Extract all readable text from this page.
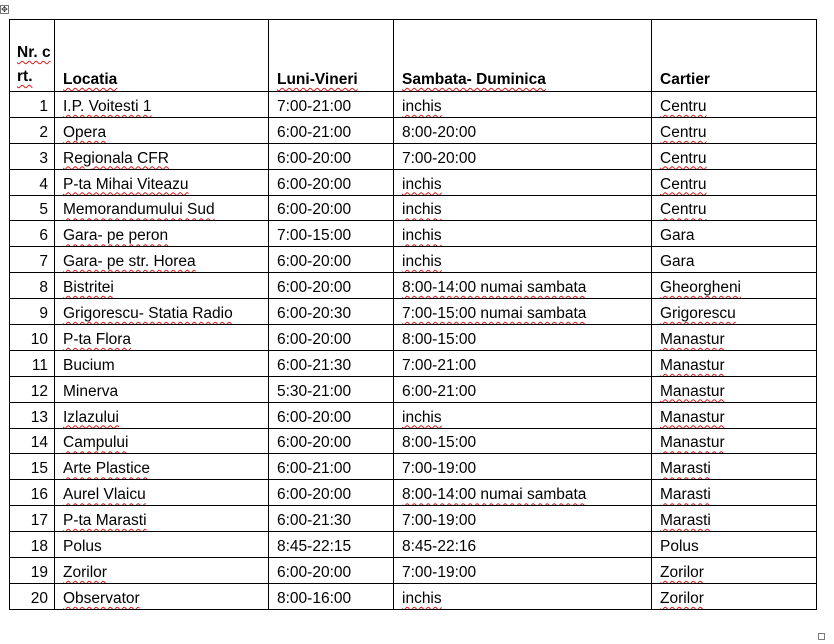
✥
Nr. crt.	Locatia	Luni-Vineri	Sambata- Duminica	Cartier
1	I.P. Voitesti 1	7:00-21:00	inchis	Centru
2	Opera	6:00-21:00	8:00-20:00	Centru
3	Regionala CFR	6:00-20:00	7:00-20:00	Centru
4	P-ta Mihai Viteazu	6:00-20:00	inchis	Centru
5	Memorandumului Sud	6:00-20:00	inchis	Centru
6	Gara- pe peron	7:00-15:00	inchis	Gara
7	Gara- pe str. Horea	6:00-20:00	inchis	Gara
8	Bistritei	6:00-20:00	8:00-14:00 numai sambata	Gheorgheni
9	Grigorescu- Statia Radio	6:00-20:30	7:00-15:00 numai sambata	Grigorescu
10	P-ta Flora	6:00-20:00	8:00-15:00	Manastur
11	Bucium	6:00-21:30	7:00-21:00	Manastur
12	Minerva	5:30-21:00	6:00-21:00	Manastur
13	Izlazului	6:00-20:00	inchis	Manastur
14	Campului	6:00-20:00	8:00-15:00	Manastur
15	Arte Plastice	6:00-21:00	7:00-19:00	Marasti
16	Aurel Vlaicu	6:00-20:00	8:00-14:00 numai sambata	Marasti
17	P-ta Marasti	6:00-21:30	7:00-19:00	Marasti
18	Polus	8:45-22:15	8:45-22:16	Polus
19	Zorilor	6:00-20:00	7:00-19:00	Zorilor
20	Observator	8:00-16:00	inchis	Zorilor
